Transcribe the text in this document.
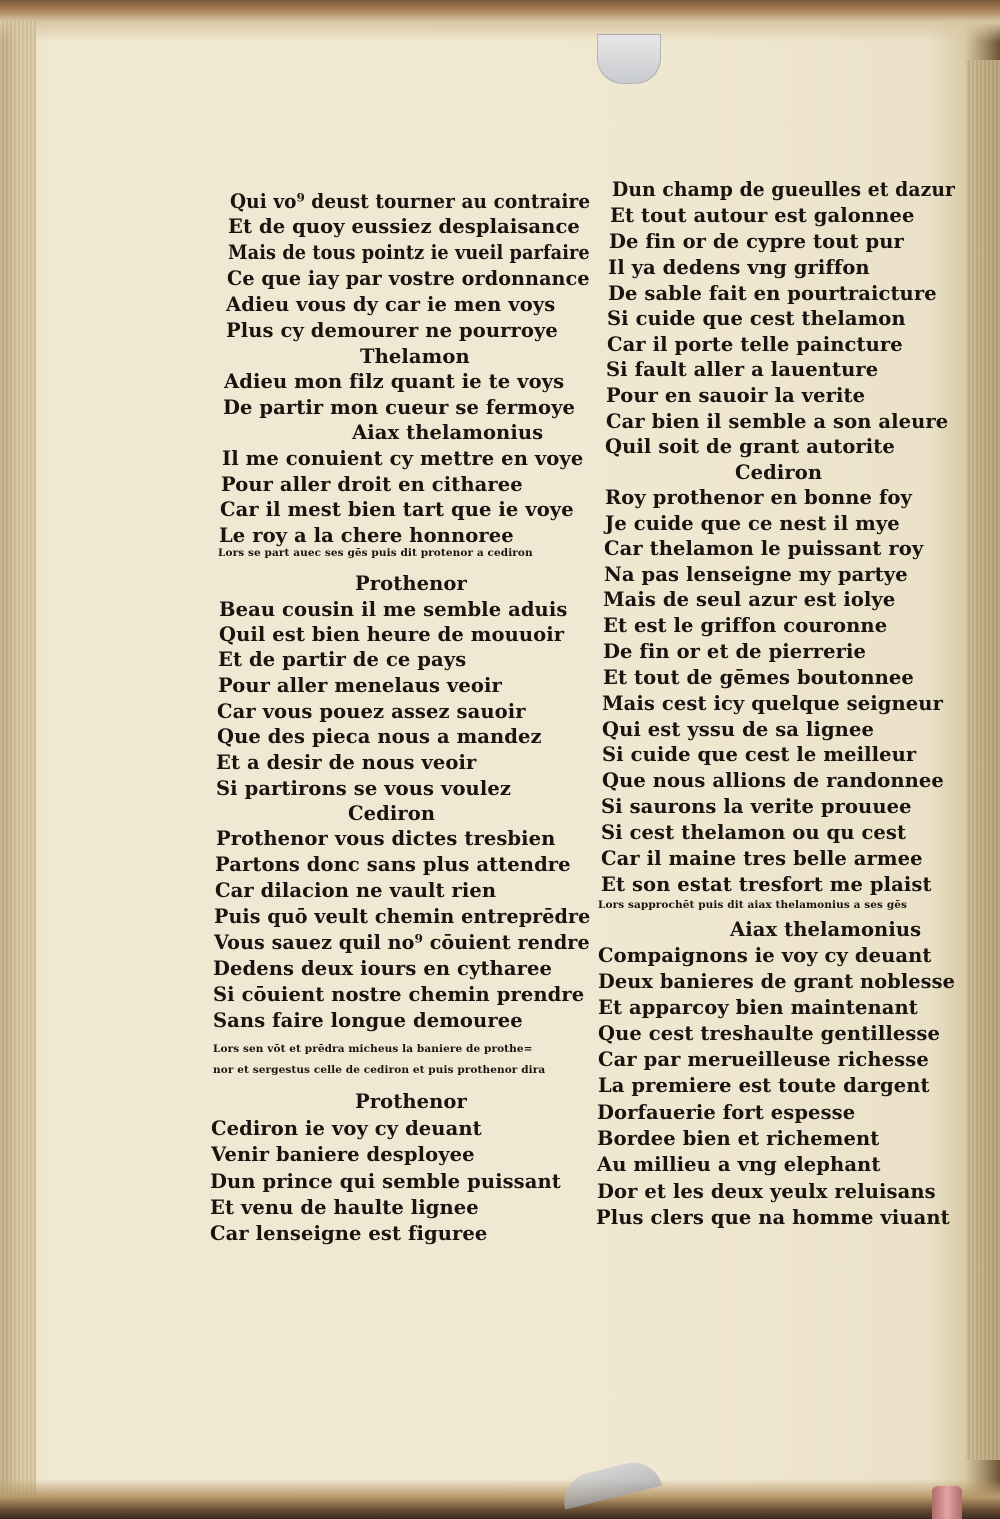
Qui vo⁹ deust tourner au contraire
Et de quoy eussiez desplaisance
Mais de tous pointz ie vueil parfaire
Ce que iay par vostre ordonnance
Adieu vous dy car ie men voys
Plus cy demourer ne pourroye
Thelamon
Adieu mon filz quant ie te voys
De partir mon cueur se fermoye
Aiax thelamonius
Il me conuient cy mettre en voye
Pour aller droit en citharee
Car il mest bien tart que ie voye
Le roy a la chere honnoree
Lors se part auec ses gēs puis dit protenor a cediron
Prothenor
Beau cousin il me semble aduis
Quil est bien heure de mouuoir
Et de partir de ce pays
Pour aller menelaus veoir
Car vous pouez assez sauoir
Que des pieca nous a mandez
Et a desir de nous veoir
Si partirons se vous voulez
Cediron
Prothenor vous dictes tresbien
Partons donc sans plus attendre
Car dilacion ne vault rien
Puis quō veult chemin entreprēdre
Vous sauez quil no⁹ cōuient rendre
Dedens deux iours en cytharee
Si cōuient nostre chemin prendre
Sans faire longue demouree
Lors sen vōt et prēdra micheus la baniere de prothe=
nor et sergestus celle de cediron et puis prothenor dira
Prothenor
Cediron ie voy cy deuant
Venir baniere desployee
Dun prince qui semble puissant
Et venu de haulte lignee
Car lenseigne est figuree
Dun champ de gueulles et dazur
Et tout autour est galonnee
De fin or de cypre tout pur
Il ya dedens vng griffon
De sable fait en pourtraicture
Si cuide que cest thelamon
Car il porte telle paincture
Si fault aller a lauenture
Pour en sauoir la verite
Car bien il semble a son aleure
Quil soit de grant autorite
Cediron
Roy prothenor en bonne foy
Je cuide que ce nest il mye
Car thelamon le puissant roy
Na pas lenseigne my partye
Mais de seul azur est iolye
Et est le griffon couronne
De fin or et de pierrerie
Et tout de gēmes boutonnee
Mais cest icy quelque seigneur
Qui est yssu de sa lignee
Si cuide que cest le meilleur
Que nous allions de randonnee
Si saurons la verite prouuee
Si cest thelamon ou qu cest
Car il maine tres belle armee
Et son estat tresfort me plaist
Lors sapprochēt puis dit aiax thelamonius a ses gēs
Aiax thelamonius
Compaignons ie voy cy deuant
Deux banieres de grant noblesse
Et apparcoy bien maintenant
Que cest treshaulte gentillesse
Car par merueilleuse richesse
La premiere est toute dargent
Dorfauerie fort espesse
Bordee bien et richement
Au millieu a vng elephant
Dor et les deux yeulx reluisans
Plus clers que na homme viuant
